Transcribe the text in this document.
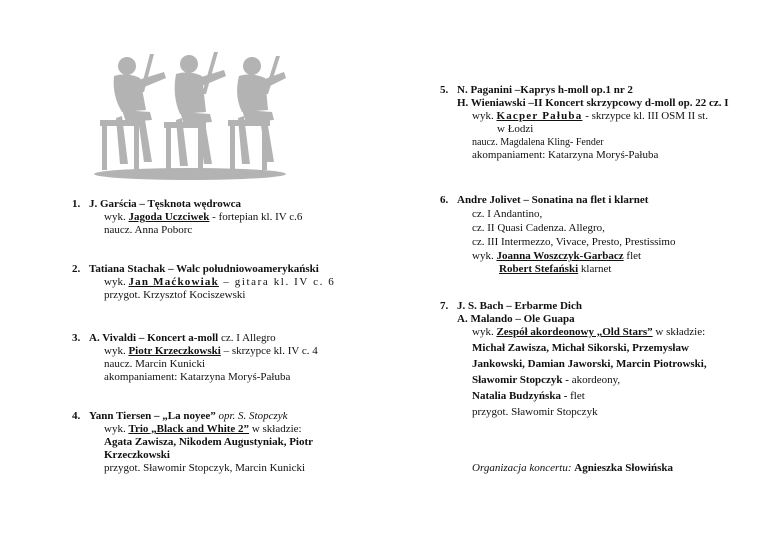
1. J. Garścia – Tęsknota wędrowca
wyk. Jagoda Uczciwek - fortepian kl. IV c.6
naucz. Anna Poborc
2. Tatiana Stachak – Walc południowoamerykański
wyk. Jan Maćkowiak – gitara kl. IV c. 6
przygot. Krzysztof Kociszewski
3. A. Vivaldi – Koncert a-moll cz. I Allegro
wyk. Piotr Krzeczkowski – skrzypce kl. IV c. 4
naucz. Marcin Kunicki
akompaniament: Katarzyna Moryś-Pałuba
4. Yann Tiersen – „La noyee” opr. S. Stopczyk
wyk. Trio „Black and White 2” w składzie:
Agata Zawisza, Nikodem Augustyniak, Piotr
Krzeczkowski
przygot. Sławomir Stopczyk, Marcin Kunicki
5. N. Paganini –Kaprys h-moll op.1 nr 2
H. Wieniawski –II Koncert skrzypcowy d-moll op. 22 cz. I
wyk. Kacper Pałuba - skrzypce kl. III OSM II st.
w Łodzi
naucz. Magdalena Kling- Fender
akompaniament: Katarzyna Moryś-Pałuba
6. Andre Jolivet – Sonatina na flet i klarnet
cz. I Andantino,
cz. II Quasi Cadenza. Allegro,
cz. III Intermezzo, Vivace, Presto, Prestissimo
wyk. Joanna Woszczyk-Garbacz flet
Robert Stefański klarnet
7. J. S. Bach – Erbarme Dich
A. Malando – Ole Guapa
wyk. Zespół akordeonowy „Old Stars” w składzie:
Michał Zawisza, Michał Sikorski, Przemysław
Jankowski, Damian Jaworski, Marcin Piotrowski,
Sławomir Stopczyk - akordeony,
Natalia Budzyńska - flet
przygot. Sławomir Stopczyk
Organizacja koncertu: Agnieszka Słowińska
